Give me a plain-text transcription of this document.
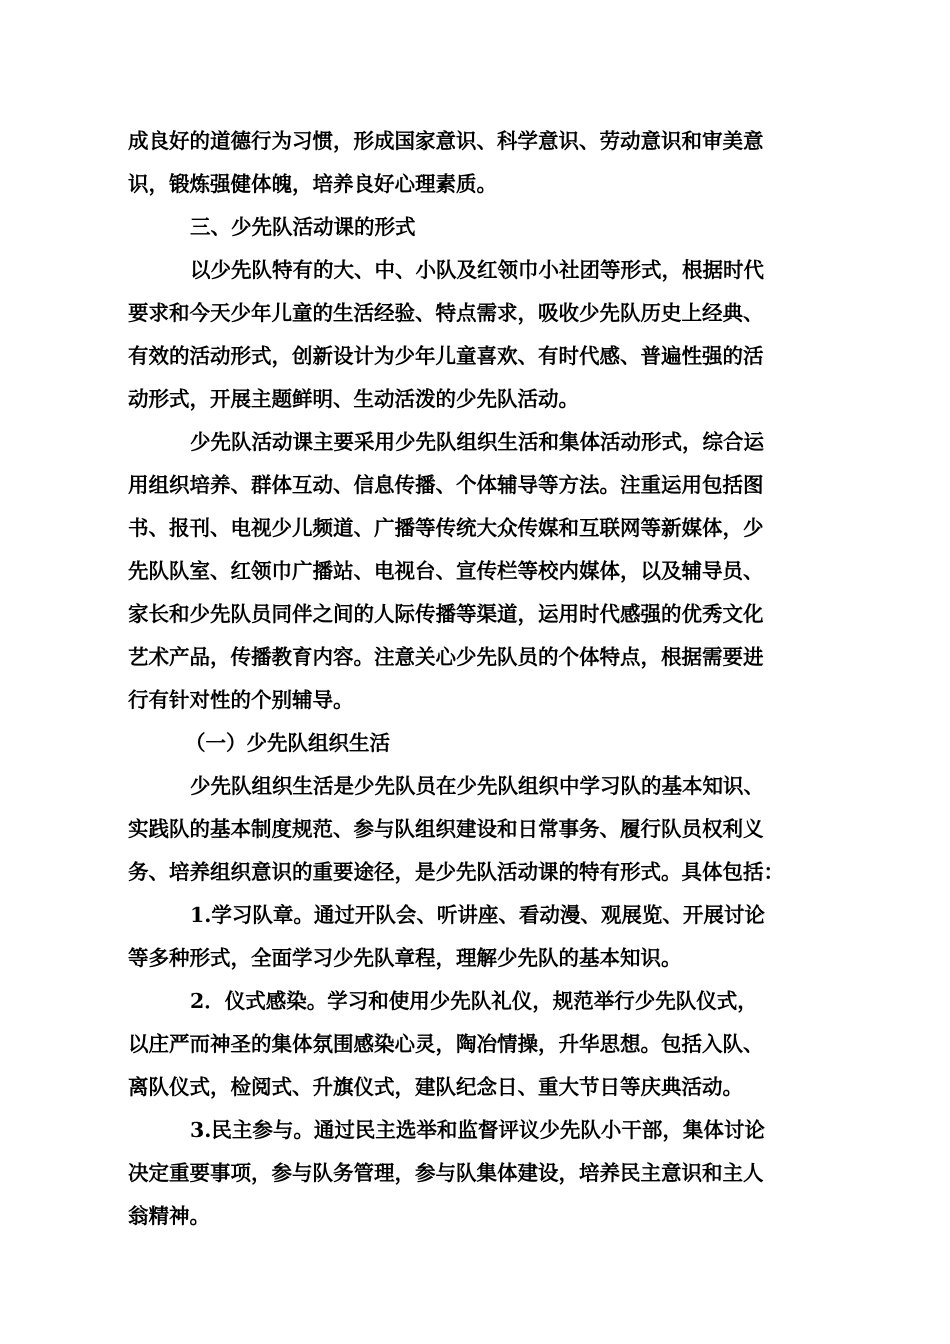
成良好的道德行为习惯，形成国家意识、科学意识、劳动意识和审美意
识，锻炼强健体魄，培养良好心理素质。
三、少先队活动课的形式
以少先队特有的大、中、小队及红领巾小社团等形式，根据时代
要求和今天少年儿童的生活经验、特点需求，吸收少先队历史上经典、
有效的活动形式，创新设计为少年儿童喜欢、有时代感、普遍性强的活
动形式，开展主题鲜明、生动活泼的少先队活动。
少先队活动课主要采用少先队组织生活和集体活动形式，综合运
用组织培养、群体互动、信息传播、个体辅导等方法。注重运用包括图
书、报刊、电视少儿频道、广播等传统大众传媒和互联网等新媒体，少
先队队室、红领巾广播站、电视台、宣传栏等校内媒体，以及辅导员、
家长和少先队员同伴之间的人际传播等渠道，运用时代感强的优秀文化
艺术产品，传播教育内容。注意关心少先队员的个体特点，根据需要进
行有针对性的个别辅导。
（一）少先队组织生活
少先队组织生活是少先队员在少先队组织中学习队的基本知识、
实践队的基本制度规范、参与队组织建设和日常事务、履行队员权利义
务、培养组织意识的重要途径，是少先队活动课的特有形式。具体包括：
1.学习队章。通过开队会、听讲座、看动漫、观展览、开展讨论
等多种形式，全面学习少先队章程，理解少先队的基本知识。
2．仪式感染。学习和使用少先队礼仪，规范举行少先队仪式，
以庄严而神圣的集体氛围感染心灵，陶冶情操，升华思想。包括入队、
离队仪式，检阅式、升旗仪式，建队纪念日、重大节日等庆典活动。
3.民主参与。通过民主选举和监督评议少先队小干部，集体讨论
决定重要事项，参与队务管理，参与队集体建设，培养民主意识和主人
翁精神。
